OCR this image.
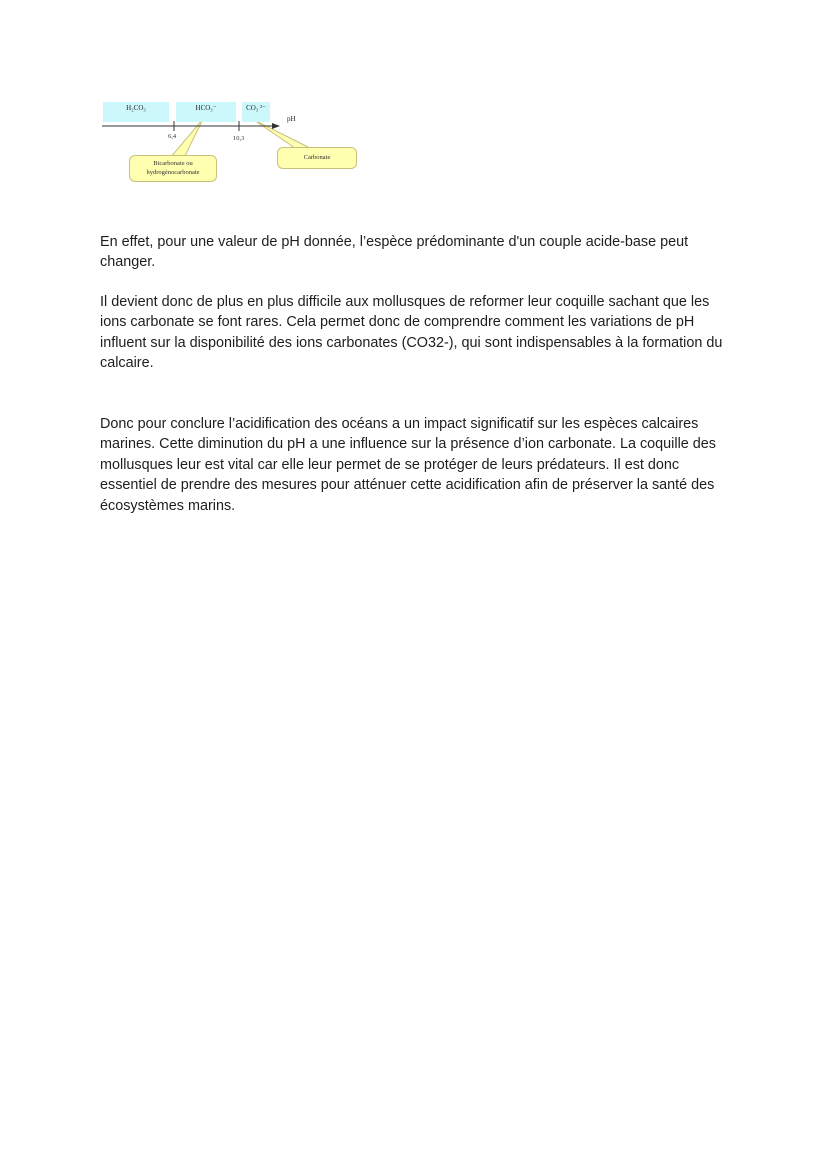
H₂CO₃	HCO₃⁻	CO₃ ²⁻
6,4	10,3
pH
Bicarbonate ou
hydrogènocarbonate
Carbonate

En effet, pour une valeur de pH donnée, l’espèce prédominante d'un couple acide-base peut changer.

Il devient donc de plus en plus difficile aux mollusques de reformer leur coquille sachant que les ions carbonate se font rares. Cela permet donc de comprendre comment les variations de pH influent sur la disponibilité des ions carbonates (CO32-), qui sont indispensables à la formation du calcaire.

Donc pour conclure l’acidification des océans a un impact significatif sur les espèces calcaires marines. Cette diminution du pH a une influence sur la présence d’ion carbonate. La coquille des mollusques leur est vital car elle leur permet de se protéger de leurs prédateurs. Il est donc essentiel de prendre des mesures pour atténuer cette acidification afin de préserver la santé des écosystèmes marins.
